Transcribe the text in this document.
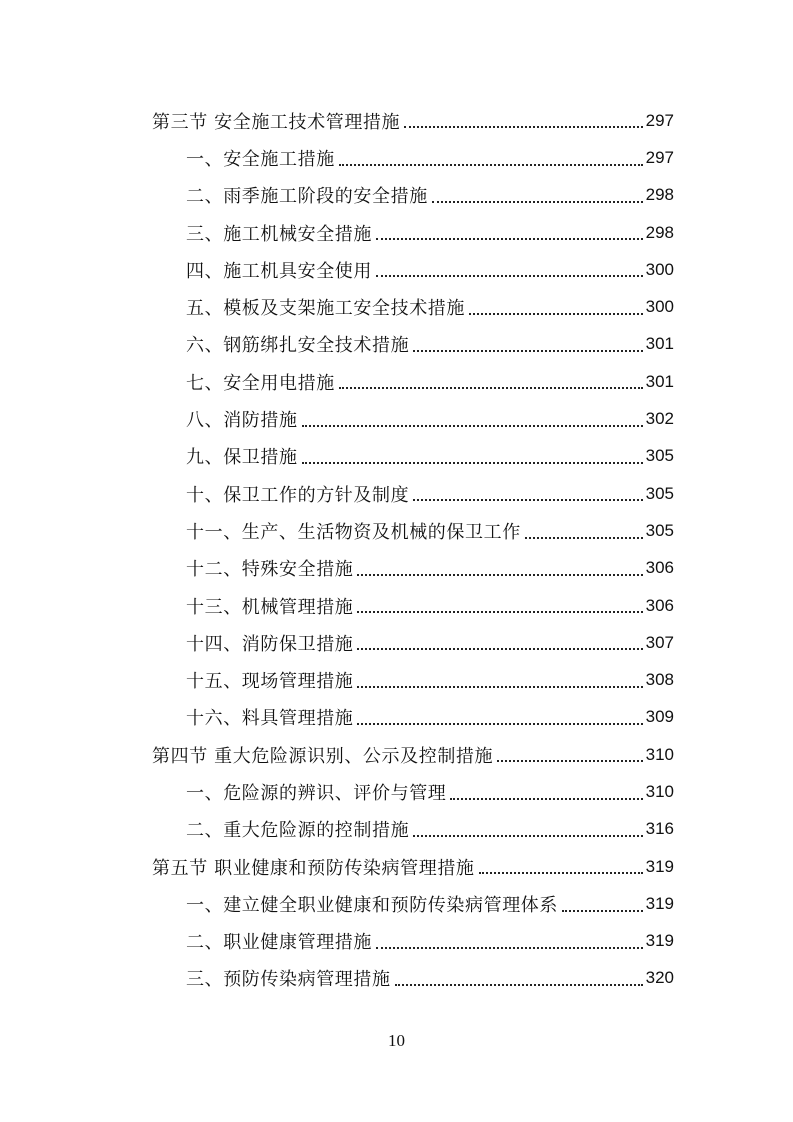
第三节 安全施工技术管理措施	297
一、安全施工措施	297
二、雨季施工阶段的安全措施	298
三、施工机械安全措施	298
四、施工机具安全使用	300
五、模板及支架施工安全技术措施	300
六、钢筋绑扎安全技术措施	301
七、安全用电措施	301
八、消防措施	302
九、保卫措施	305
十、保卫工作的方针及制度	305
十一、生产、生活物资及机械的保卫工作	305
十二、特殊安全措施	306
十三、机械管理措施	306
十四、消防保卫措施	307
十五、现场管理措施	308
十六、料具管理措施	309
第四节 重大危险源识别、公示及控制措施	310
一、危险源的辨识、评价与管理	310
二、重大危险源的控制措施	316
第五节 职业健康和预防传染病管理措施	319
一、建立健全职业健康和预防传染病管理体系	319
二、职业健康管理措施	319
三、预防传染病管理措施	320
10
